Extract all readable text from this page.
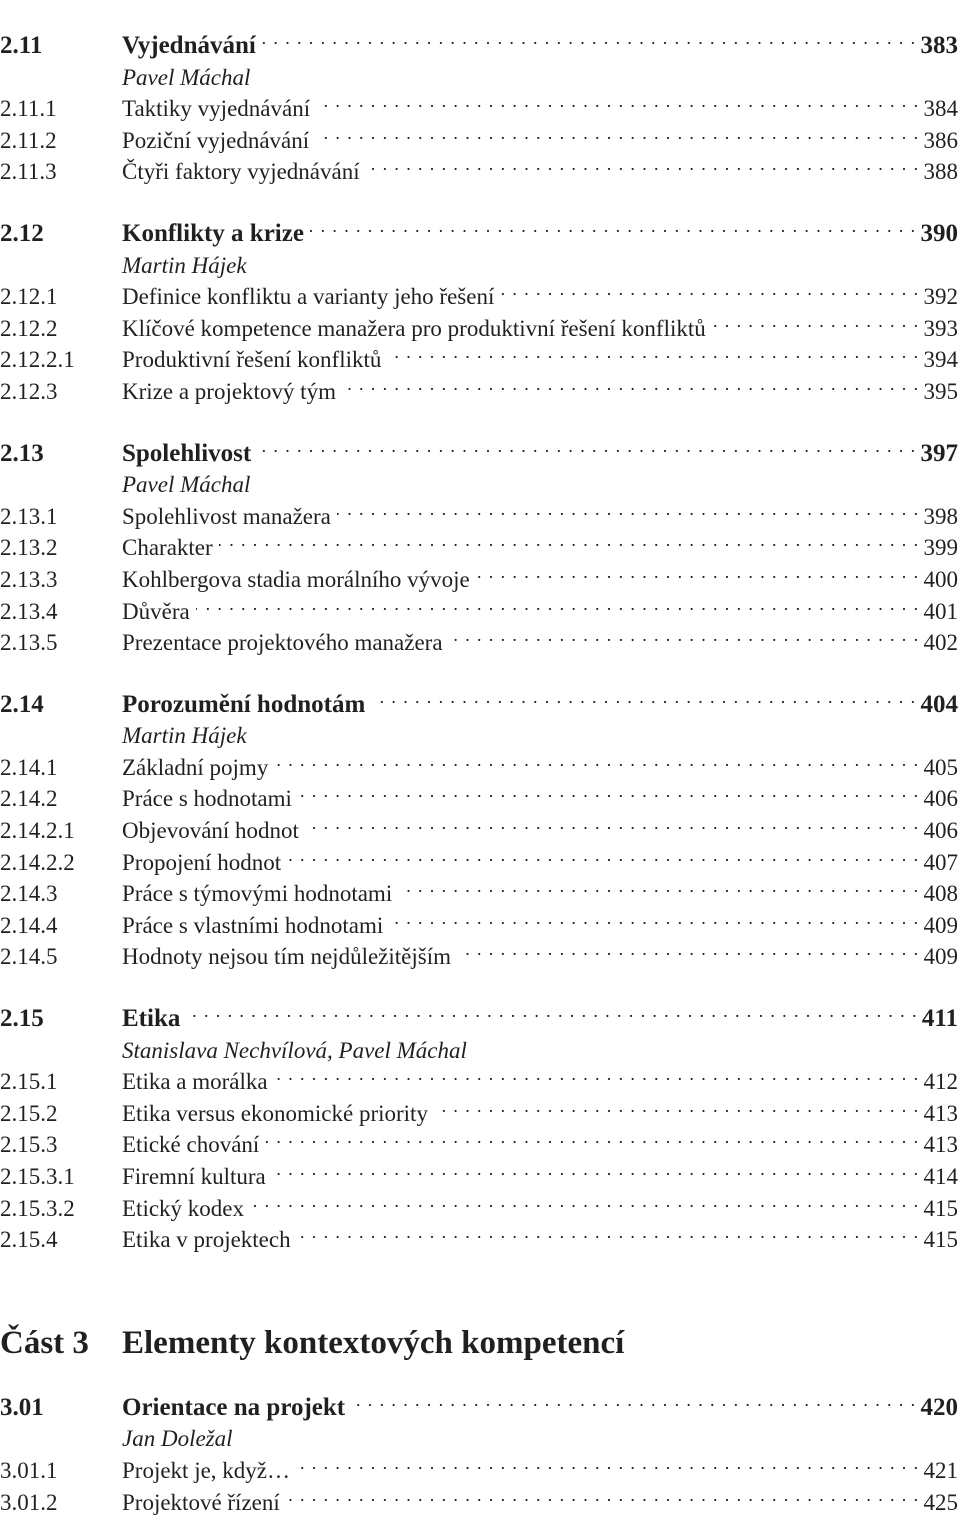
2.11	Vyjednávání . . .	383
Pavel Máchal
2.11.1	Taktiky vyjednávání . . .	384
2.11.2	Poziční vyjednávání . . .	386
2.11.3	Čtyři faktory vyjednávání . . .	388
2.12	Konflikty a krize . . .	390
Martin Hájek
2.12.1	Definice konfliktu a varianty jeho řešení . . .	392
2.12.2	Klíčové kompetence manažera pro produktivní řešení konfliktů . . .	393
2.12.2.1	Produktivní řešení konfliktů . . .	394
2.12.3	Krize a projektový tým . . .	395
2.13	Spolehlivost . . .	397
Pavel Máchal
2.13.1	Spolehlivost manažera . . .	398
2.13.2	Charakter . . .	399
2.13.3	Kohlbergova stadia morálního vývoje . . .	400
2.13.4	Důvěra . . .	401
2.13.5	Prezentace projektového manažera . . .	402
2.14	Porozumění hodnotám . . .	404
Martin Hájek
2.14.1	Základní pojmy . . .	405
2.14.2	Práce s hodnotami . . .	406
2.14.2.1	Objevování hodnot . . .	406
2.14.2.2	Propojení hodnot . . .	407
2.14.3	Práce s týmovými hodnotami . . .	408
2.14.4	Práce s vlastními hodnotami . . .	409
2.14.5	Hodnoty nejsou tím nejdůležitějším . . .	409
2.15	Etika . . .	411
Stanislava Nechvílová, Pavel Máchal
2.15.1	Etika a morálka . . .	412
2.15.2	Etika versus ekonomické priority . . .	413
2.15.3	Etické chování . . .	413
2.15.3.1	Firemní kultura . . .	414
2.15.3.2	Etický kodex . . .	415
2.15.4	Etika v projektech . . .	415
Část 3	Elementy kontextových kompetencí
3.01	Orientace na projekt . . .	420
Jan Doležal
3.01.1	Projekt je, když… . . .	421
3.01.2	Projektové řízení . . .	425
